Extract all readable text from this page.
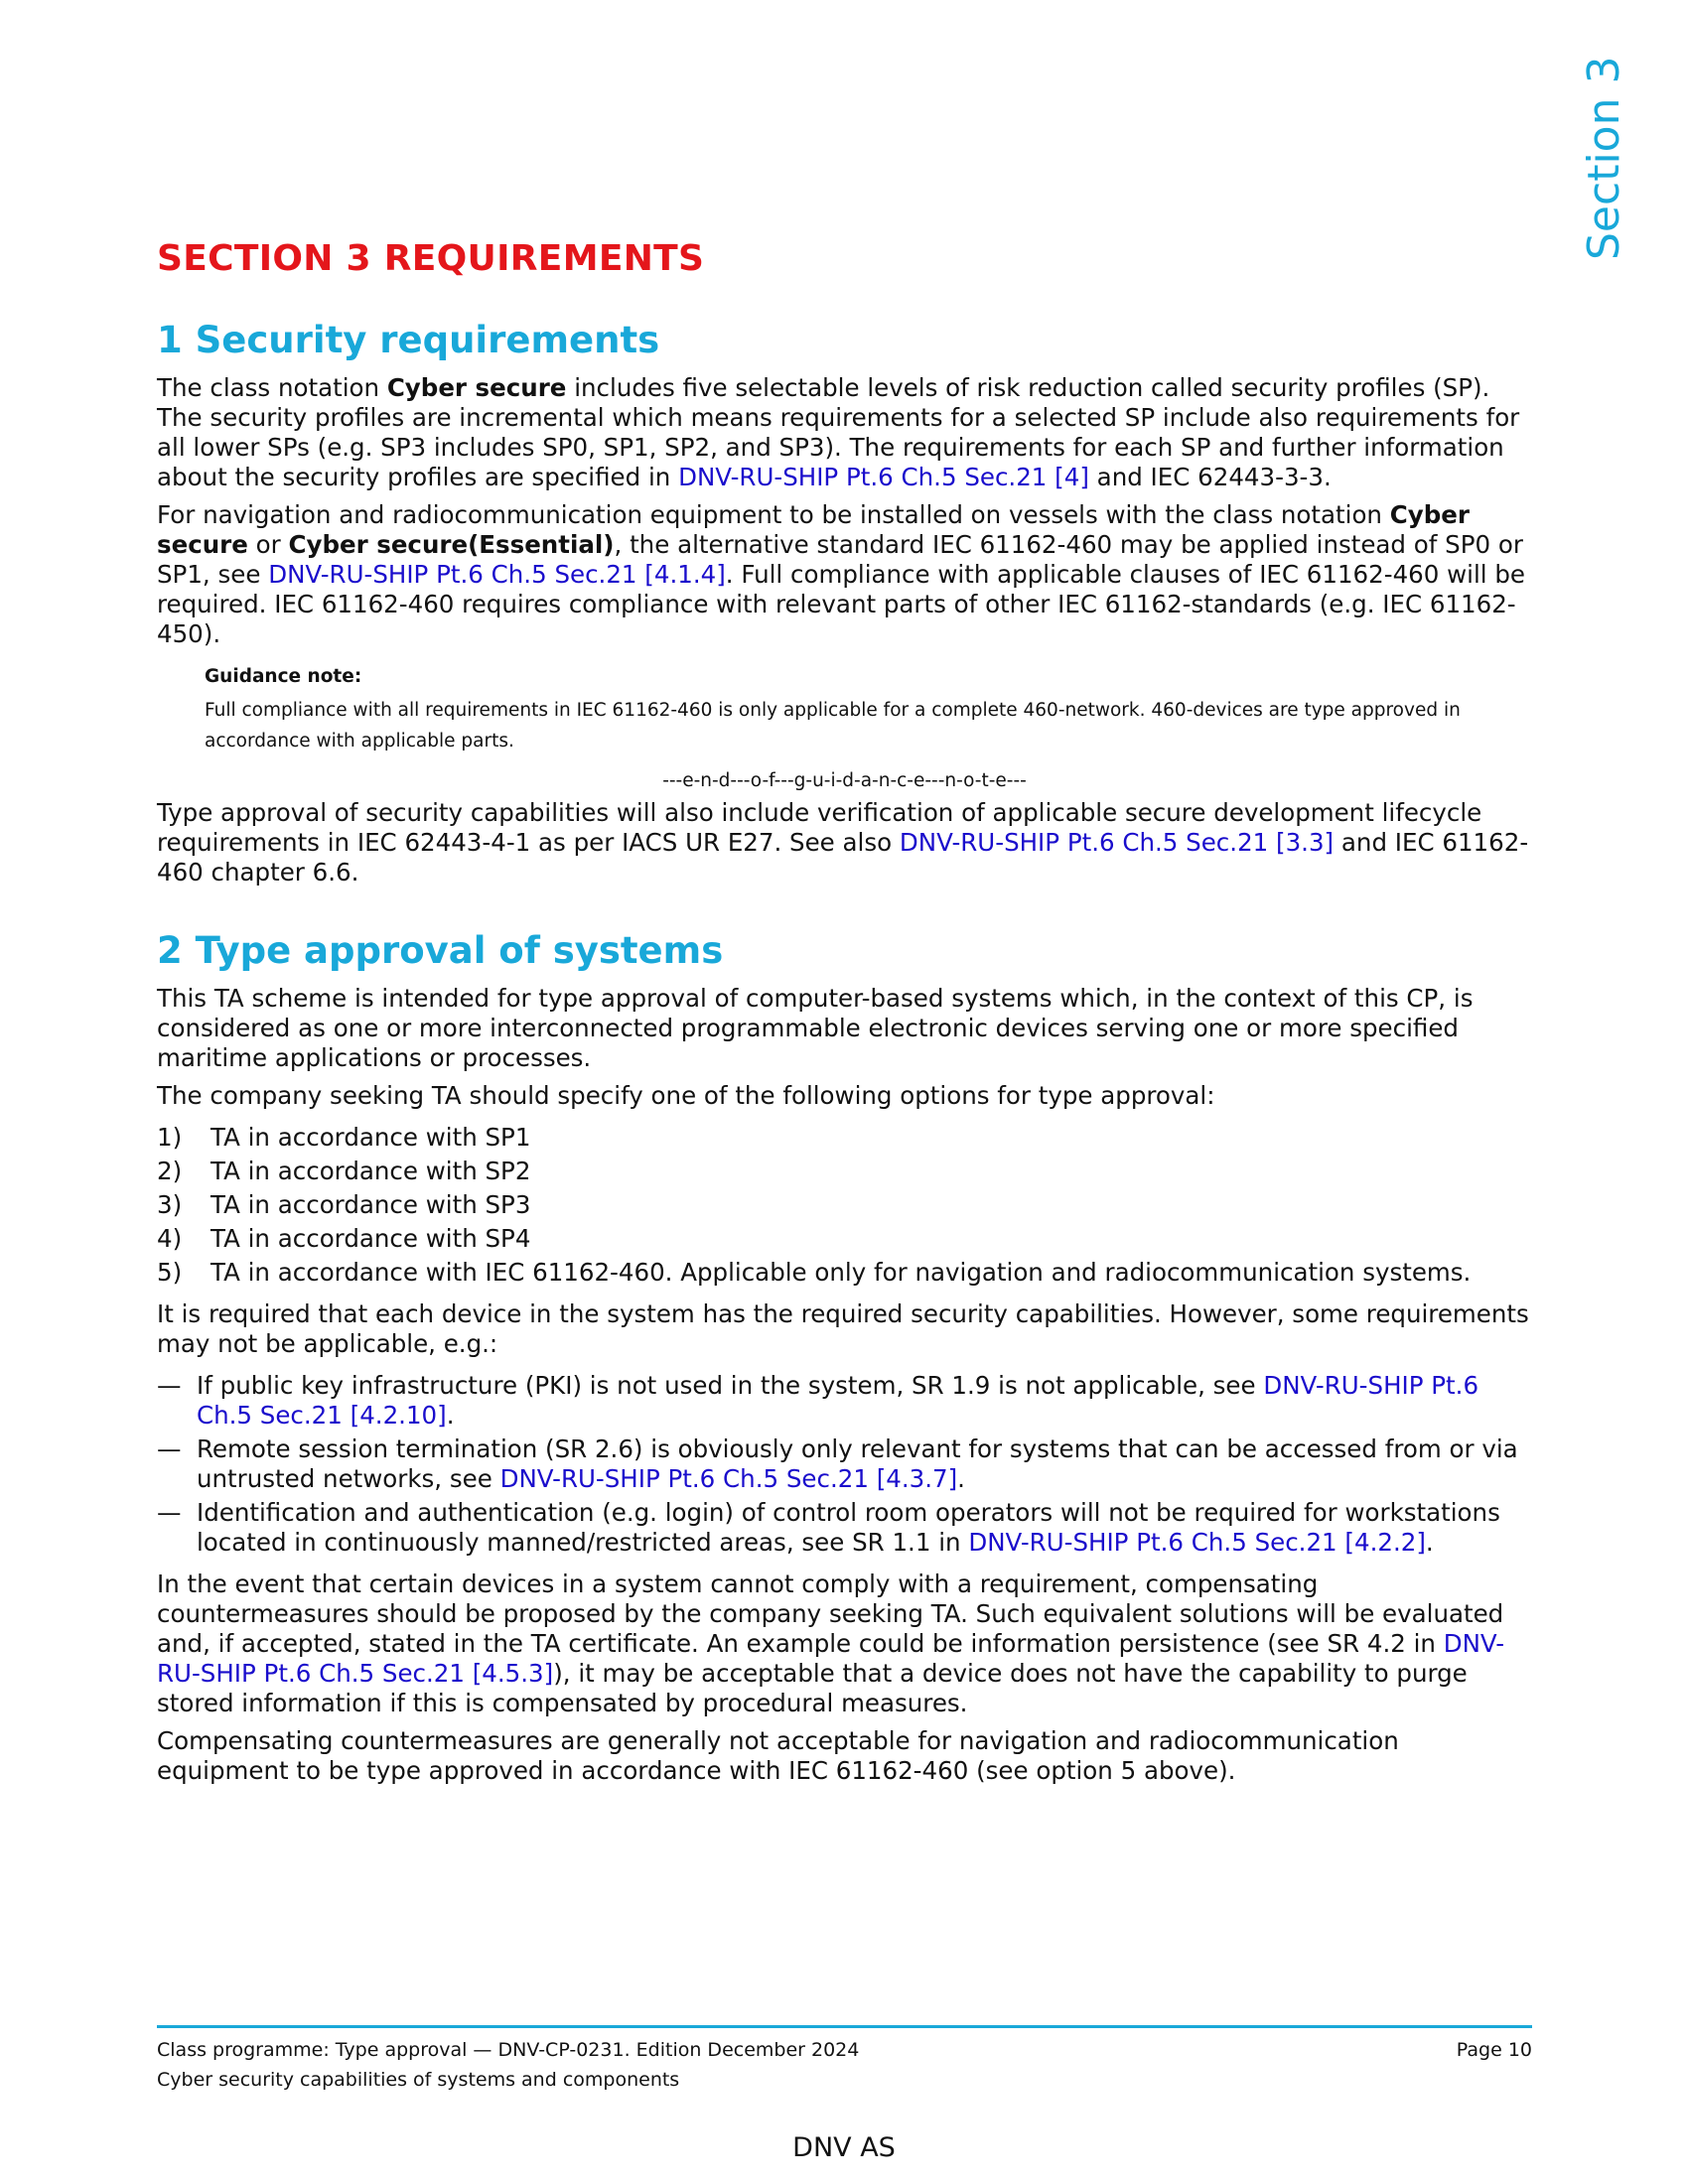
Section 3
SECTION 3 REQUIREMENTS
1 Security requirements

The class notation Cyber secure includes five selectable levels of risk reduction called security profiles (SP). The security profiles are incremental which means requirements for a selected SP include also requirements for all lower SPs (e.g. SP3 includes SP0, SP1, SP2, and SP3). The requirements for each SP and further information about the security profiles are specified in DNV-RU-SHIP Pt.6 Ch.5 Sec.21 [4] and IEC 62443-3-3.

For navigation and radiocommunication equipment to be installed on vessels with the class notation Cyber secure or Cyber secure(Essential), the alternative standard IEC 61162-460 may be applied instead of SP0 or SP1, see DNV-RU-SHIP Pt.6 Ch.5 Sec.21 [4.1.4]. Full compliance with applicable clauses of IEC 61162-460 will be required. IEC 61162-460 requires compliance with relevant parts of other IEC 61162-standards (e.g. IEC 61162-450).

Guidance note:
Full compliance with all requirements in IEC 61162-460 is only applicable for a complete 460-network. 460-devices are type approved in accordance with applicable parts.
---e-n-d---o-f---g-u-i-d-a-n-c-e---n-o-t-e---

Type approval of security capabilities will also include verification of applicable secure development lifecycle requirements in IEC 62443-4-1 as per IACS UR E27. See also DNV-RU-SHIP Pt.6 Ch.5 Sec.21 [3.3] and IEC 61162-460 chapter 6.6.

2 Type approval of systems

This TA scheme is intended for type approval of computer-based systems which, in the context of this CP, is considered as one or more interconnected programmable electronic devices serving one or more specified maritime applications or processes.

The company seeking TA should specify one of the following options for type approval:

1)	TA in accordance with SP1
2)	TA in accordance with SP2
3)	TA in accordance with SP3
4)	TA in accordance with SP4
5)	TA in accordance with IEC 61162-460. Applicable only for navigation and radiocommunication systems.

It is required that each device in the system has the required security capabilities. However, some requirements may not be applicable, e.g.:

— If public key infrastructure (PKI) is not used in the system, SR 1.9 is not applicable, see DNV-RU-SHIP Pt.6 Ch.5 Sec.21 [4.2.10].
— Remote session termination (SR 2.6) is obviously only relevant for systems that can be accessed from or via untrusted networks, see DNV-RU-SHIP Pt.6 Ch.5 Sec.21 [4.3.7].
— Identification and authentication (e.g. login) of control room operators will not be required for workstations located in continuously manned/restricted areas, see SR 1.1 in DNV-RU-SHIP Pt.6 Ch.5 Sec.21 [4.2.2].

In the event that certain devices in a system cannot comply with a requirement, compensating countermeasures should be proposed by the company seeking TA. Such equivalent solutions will be evaluated and, if accepted, stated in the TA certificate. An example could be information persistence (see SR 4.2 in DNV-RU-SHIP Pt.6 Ch.5 Sec.21 [4.5.3]), it may be acceptable that a device does not have the capability to purge stored information if this is compensated by procedural measures.

Compensating countermeasures are generally not acceptable for navigation and radiocommunication equipment to be type approved in accordance with IEC 61162-460 (see option 5 above).

Class programme: Type approval — DNV-CP-0231. Edition December 2024	Page 10
Cyber security capabilities of systems and components
DNV AS
